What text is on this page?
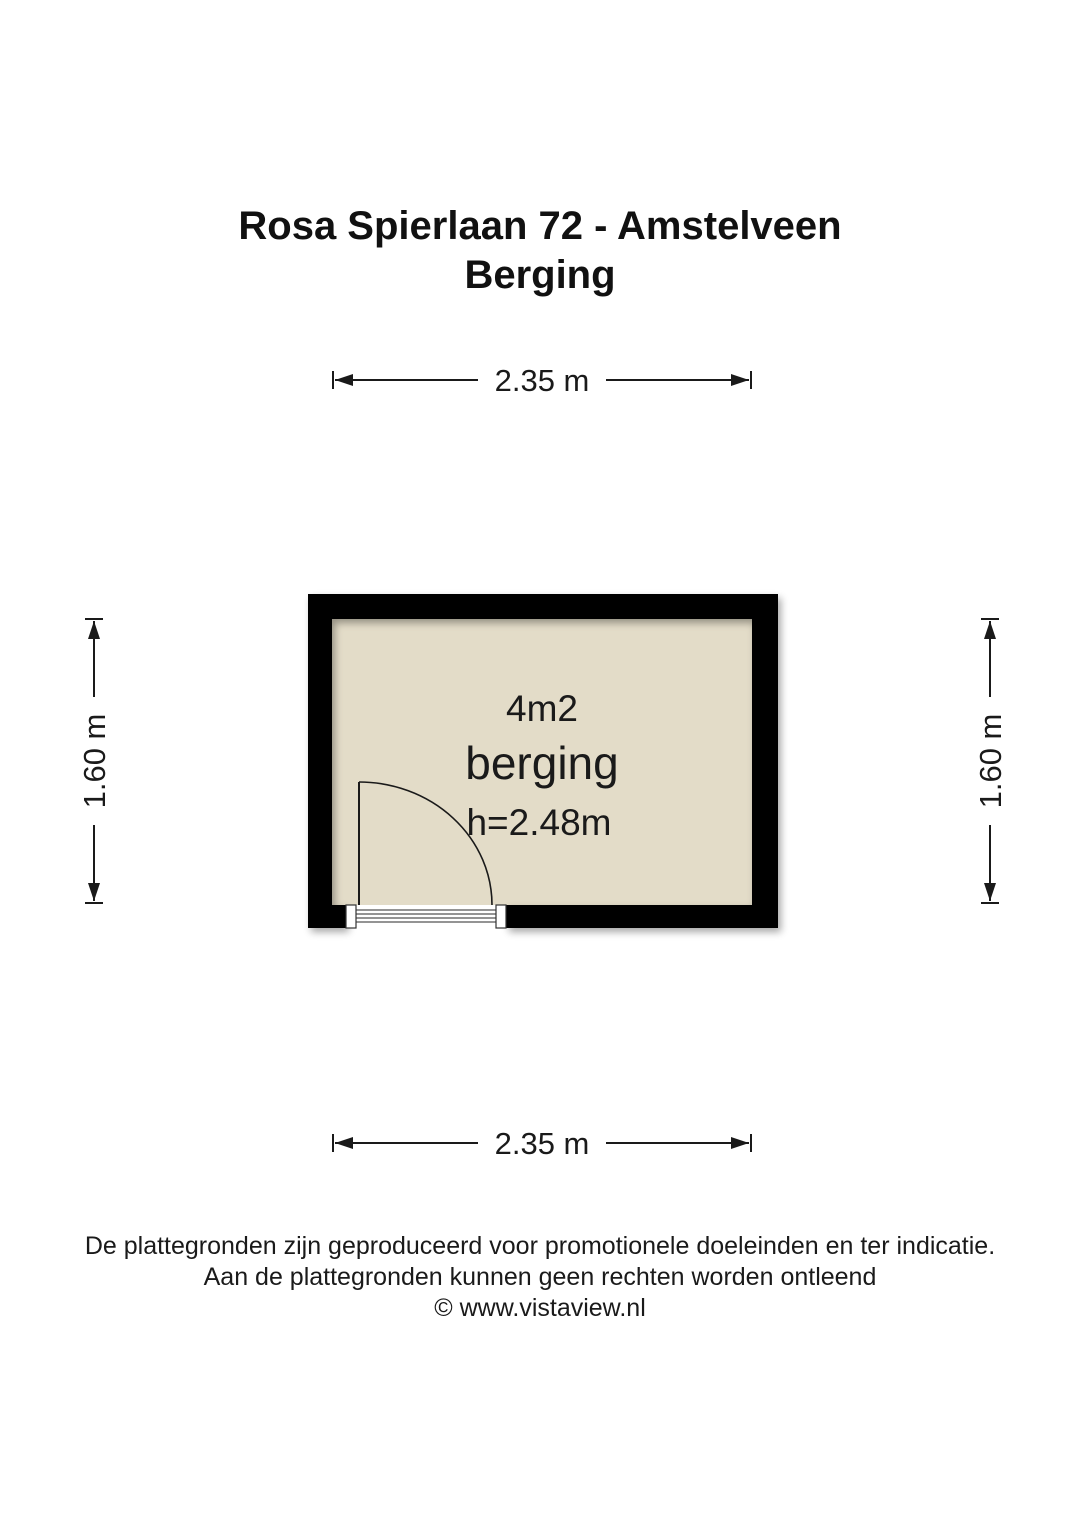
Rosa Spierlaan 72 - Amstelveen
Berging
2.35 m
2.35 m
1.60 m	1.60 m
4m2
berging
h=2.48m
De plattegronden zijn geproduceerd voor promotionele doeleinden en ter indicatie.
Aan de plattegronden kunnen geen rechten worden ontleend
© www.vistaview.nl
